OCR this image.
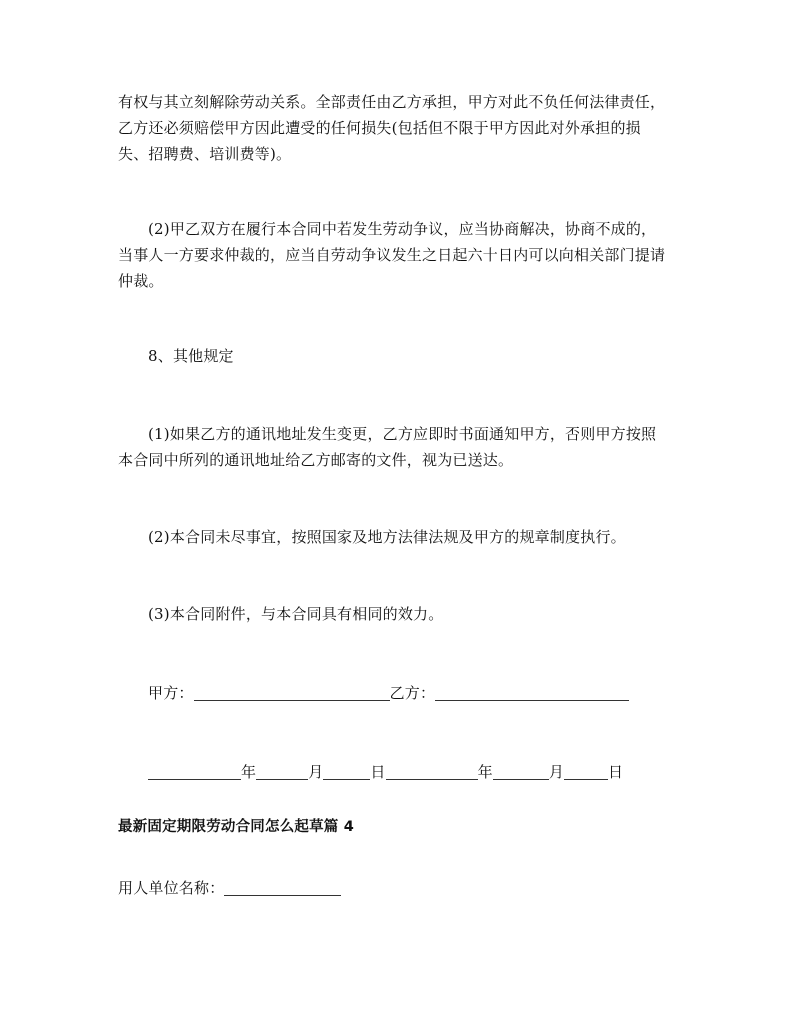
有权与其立刻解除劳动关系。全部责任由乙方承担，甲方对此不负任何法律责任，
乙方还必须赔偿甲方因此遭受的任何损失(包括但不限于甲方因此对外承担的损
失、招聘费、培训费等)。
(2)甲乙双方在履行本合同中若发生劳动争议，应当协商解决，协商不成的，
当事人一方要求仲裁的，应当自劳动争议发生之日起六十日内可以向相关部门提请
仲裁。
8、其他规定
(1)如果乙方的通讯地址发生变更，乙方应即时书面通知甲方，否则甲方按照
本合同中所列的通讯地址给乙方邮寄的文件，视为已送达。
(2)本合同未尽事宜，按照国家及地方法律法规及甲方的规章制度执行。
(3)本合同附件，与本合同具有相同的效力。
甲方：	乙方：
年	月	日	年	月	日
最新固定期限劳动合同怎么起草篇 4
用人单位名称：
